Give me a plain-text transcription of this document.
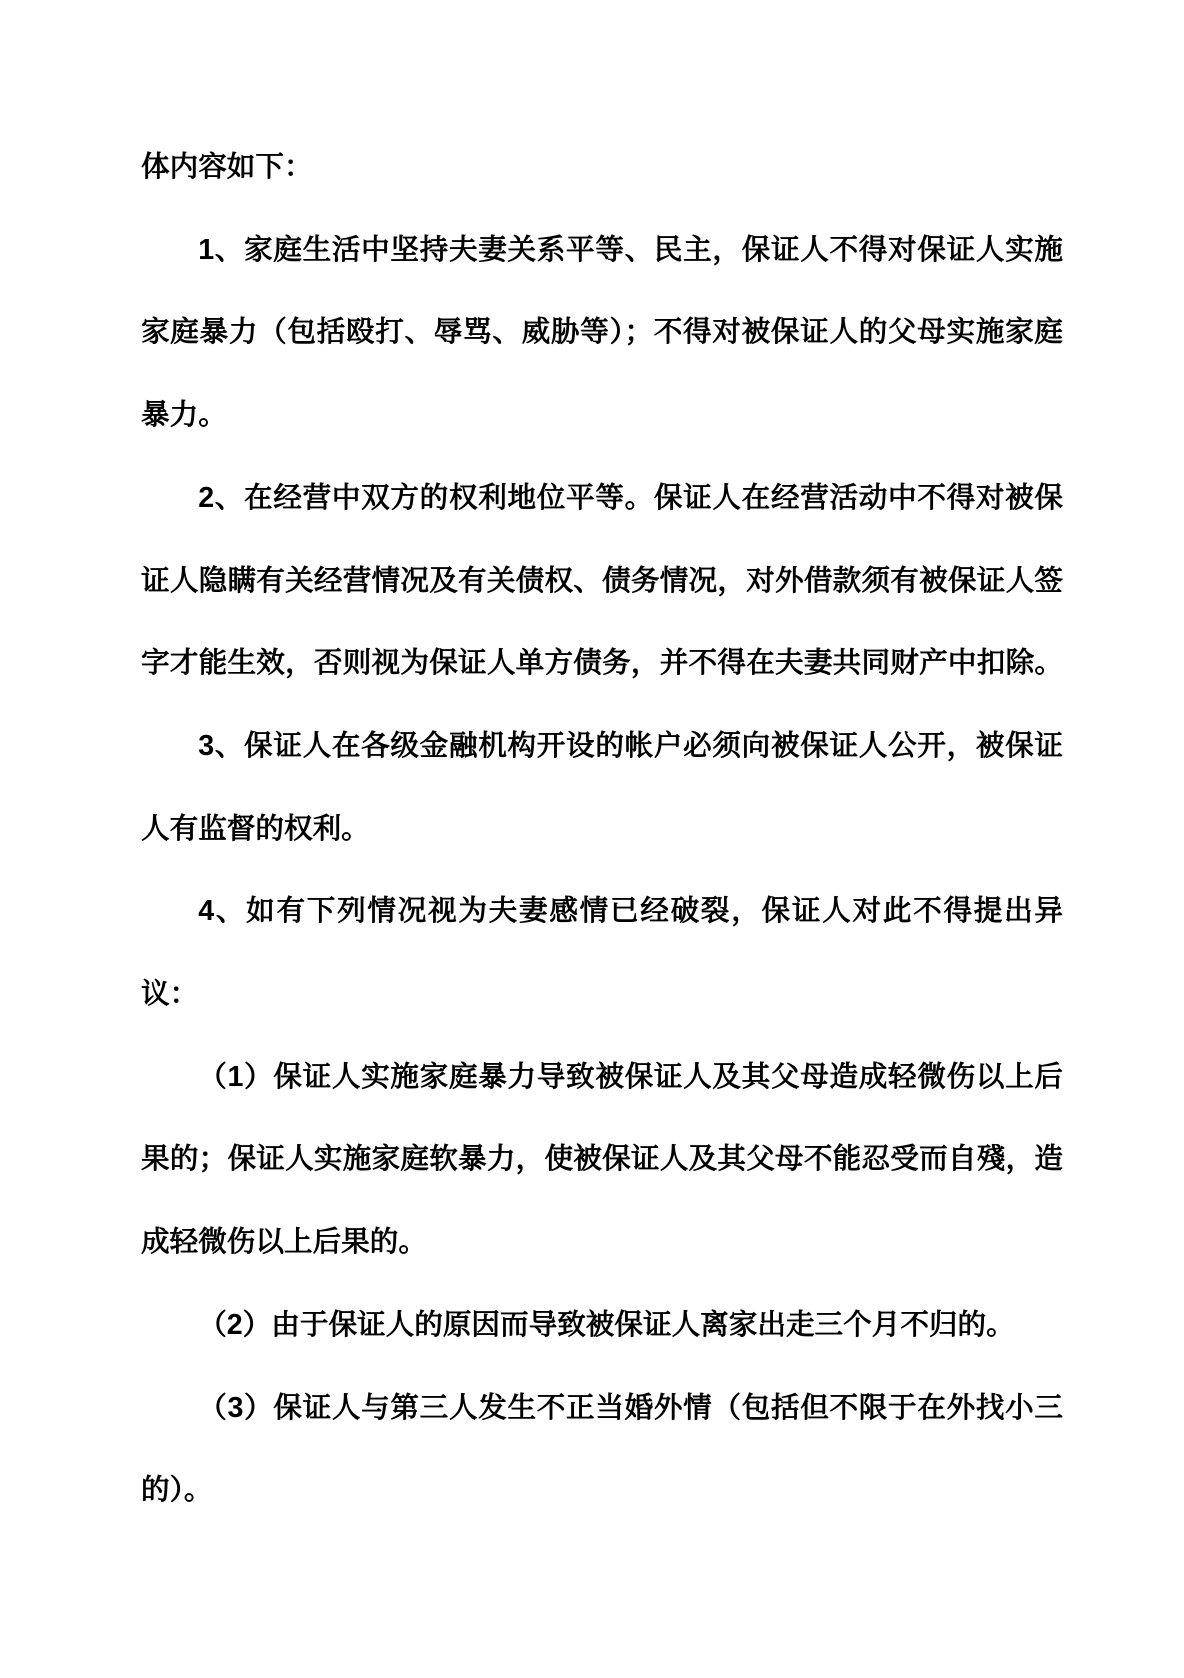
体内容如下：

1、家庭生活中坚持夫妻关系平等、民主，保证人不得对保证人实施

家庭暴力（包括殴打、辱骂、威胁等）；不得对被保证人的父母实施家庭

暴力。

2、在经营中双方的权利地位平等。保证人在经营活动中不得对被保

证人隐瞒有关经营情况及有关债权、债务情况，对外借款须有被保证人签

字才能生效，否则视为保证人单方债务，并不得在夫妻共同财产中扣除。

3、保证人在各级金融机构开设的帐户必须向被保证人公开，被保证

人有监督的权利。

4、如有下列情况视为夫妻感情已经破裂，保证人对此不得提出异

议：

（1）保证人实施家庭暴力导致被保证人及其父母造成轻微伤以上后

果的；保证人实施家庭软暴力，使被保证人及其父母不能忍受而自殘，造

成轻微伤以上后果的。

（2）由于保证人的原因而导致被保证人离家出走三个月不归的。

（3）保证人与第三人发生不正当婚外情（包括但不限于在外找小三

的）。
